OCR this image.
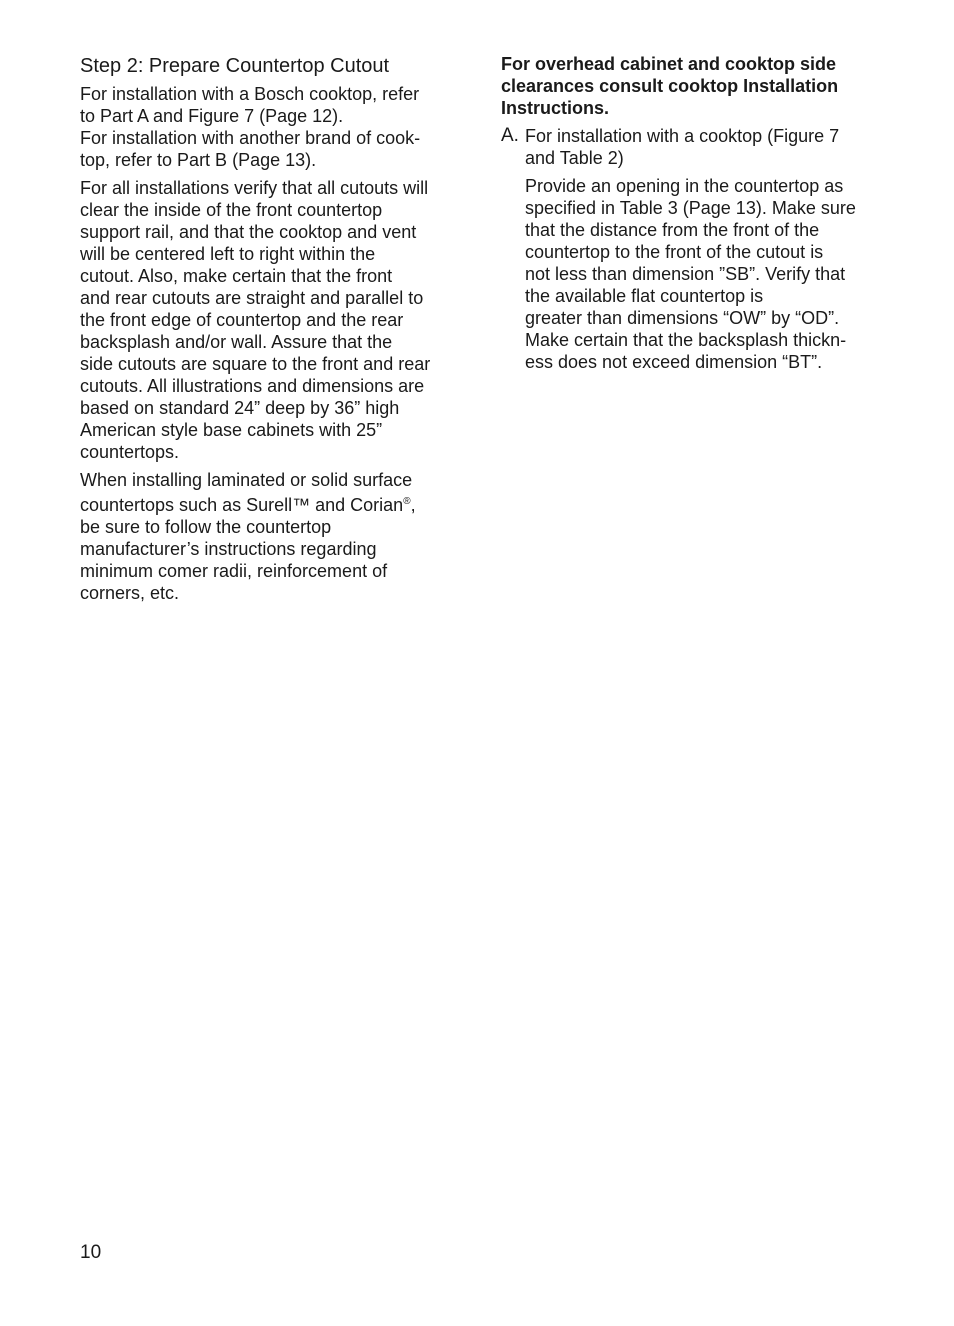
Step 2: Prepare Countertop Cutout

For installation with a Bosch cooktop, refer
to Part A and Figure 7 (Page 12).
For installation with another brand of cook-
top, refer to Part B (Page 13).

For all installations verify that all cutouts will
clear the inside of the front countertop
support rail, and that the cooktop and vent
will be centered left to right within the
cutout. Also, make certain that the front
and rear cutouts are straight and parallel to
the front edge of countertop and the rear
backsplash and/or wall. Assure that the
side cutouts are square to the front and rear
cutouts. All illustrations and dimensions are
based on standard 24” deep by 36” high
American style base cabinets with 25”
countertops.

When installing laminated or solid surface
countertops such as Surell™ and Corian®,
be sure to follow the countertop
manufacturer’s instructions regarding
minimum comer radii, reinforcement of
corners, etc.

For overhead cabinet and cooktop side
clearances consult cooktop Installation
Instructions.

A. For installation with a cooktop (Figure 7
and Table 2)

Provide an opening in the countertop as
specified in Table 3 (Page 13). Make sure
that the distance from the front of the
countertop to the front of the cutout is
not less than dimension ”SB”. Verify that
the available flat countertop is
greater than dimensions “OW” by “OD”.
Make certain that the backsplash thickn-
ess does not exceed dimension “BT”.

10
